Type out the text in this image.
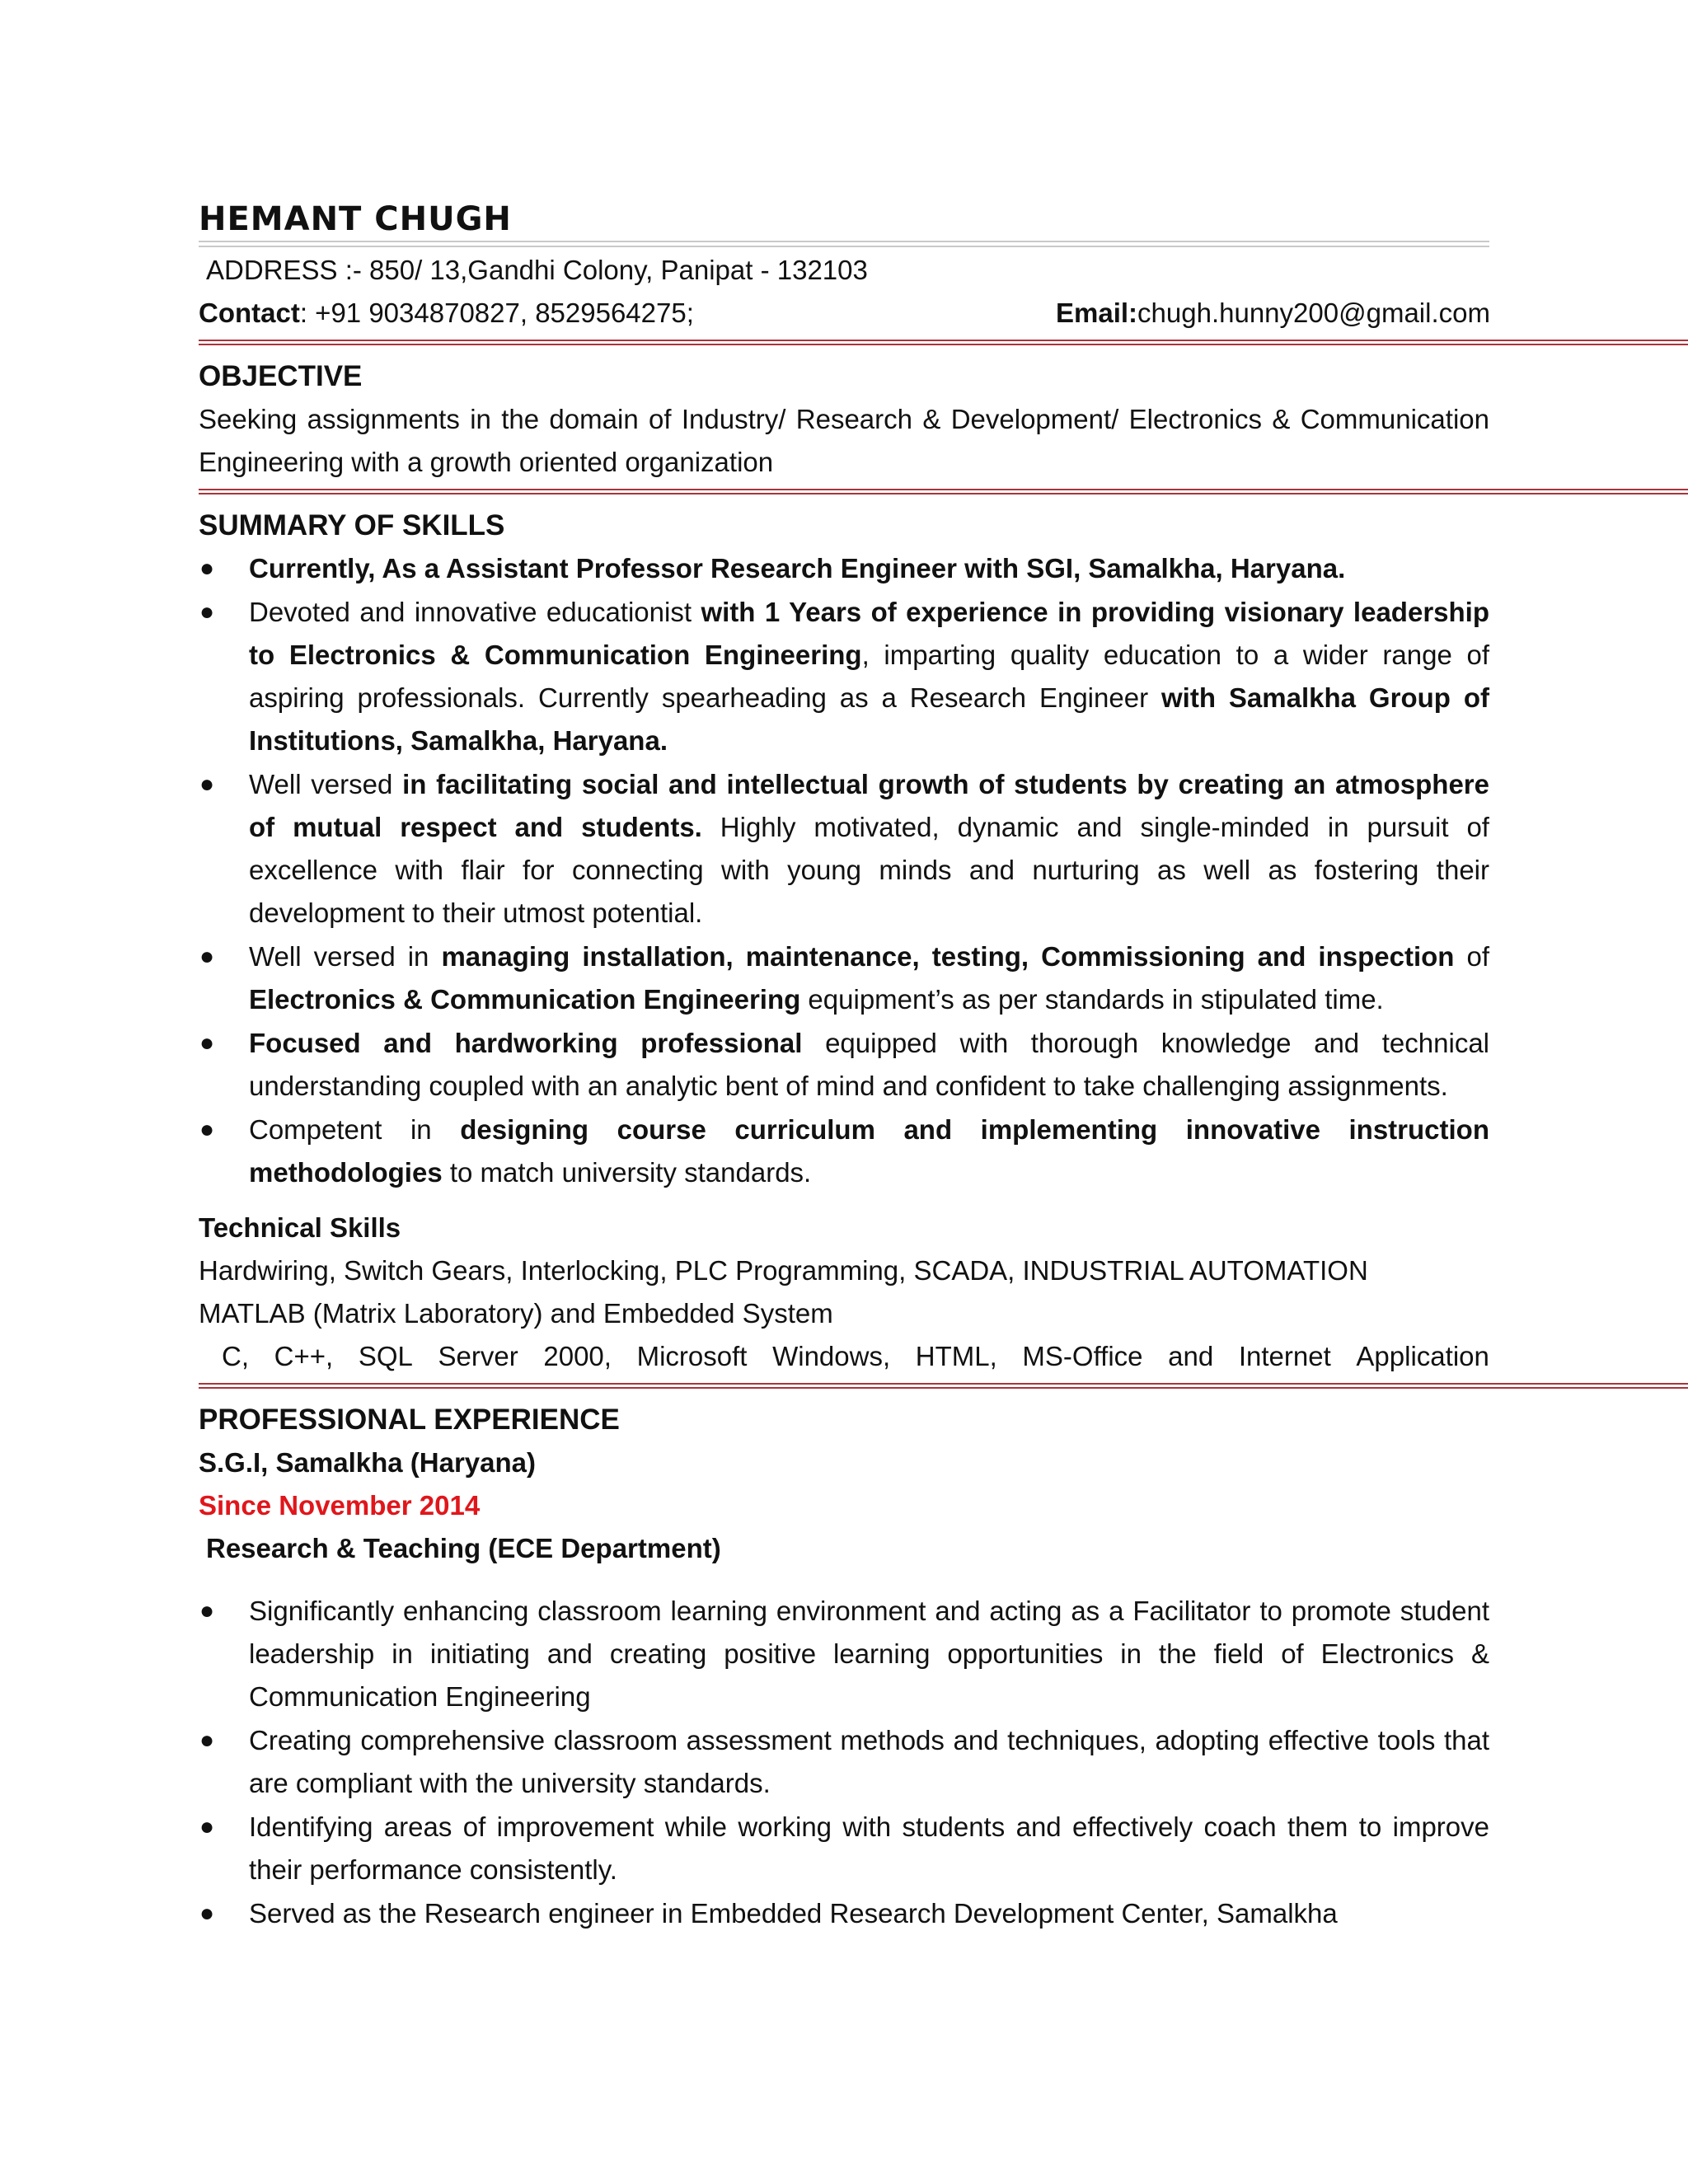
HEMANT CHUGH
ADDRESS :- 850/ 13,Gandhi Colony, Panipat - 132103
Contact: +91 9034870827, 8529564275;	Email:chugh.hunny200@gmail.com
OBJECTIVE
Seeking assignments in the domain of Industry/ Research & Development/ Electronics & Communication Engineering with a growth oriented organization
SUMMARY OF SKILLS
● Currently, As a Assistant Professor Research Engineer with SGI, Samalkha, Haryana.
● Devoted and innovative educationist with 1 Years of experience in providing visionary leadership to Electronics & Communication Engineering, imparting quality education to a wider range of aspiring professionals. Currently spearheading as a Research Engineer with Samalkha Group of Institutions, Samalkha, Haryana.
● Well versed in facilitating social and intellectual growth of students by creating an atmosphere of mutual respect and students. Highly motivated, dynamic and single-minded in pursuit of excellence with flair for connecting with young minds and nurturing as well as fostering their development to their utmost potential.
● Well versed in managing installation, maintenance, testing, Commissioning and inspection of Electronics & Communication Engineering equipment’s as per standards in stipulated time.
● Focused and hardworking professional equipped with thorough knowledge and technical understanding coupled with an analytic bent of mind and confident to take challenging assignments.
● Competent in designing course curriculum and implementing innovative instruction methodologies to match university standards.
Technical Skills
Hardwiring, Switch Gears, Interlocking, PLC Programming, SCADA, INDUSTRIAL AUTOMATION
MATLAB (Matrix Laboratory) and Embedded System
C, C++, SQL Server 2000, Microsoft Windows, HTML, MS-Office and Internet Application
PROFESSIONAL EXPERIENCE
S.G.I, Samalkha (Haryana)
Since November 2014
Research & Teaching (ECE Department)
● Significantly enhancing classroom learning environment and acting as a Facilitator to promote student leadership in initiating and creating positive learning opportunities in the field of Electronics & Communication Engineering
● Creating comprehensive classroom assessment methods and techniques, adopting effective tools that are compliant with the university standards.
● Identifying areas of improvement while working with students and effectively coach them to improve their performance consistently.
● Served as the Research engineer in Embedded Research Development Center, Samalkha
